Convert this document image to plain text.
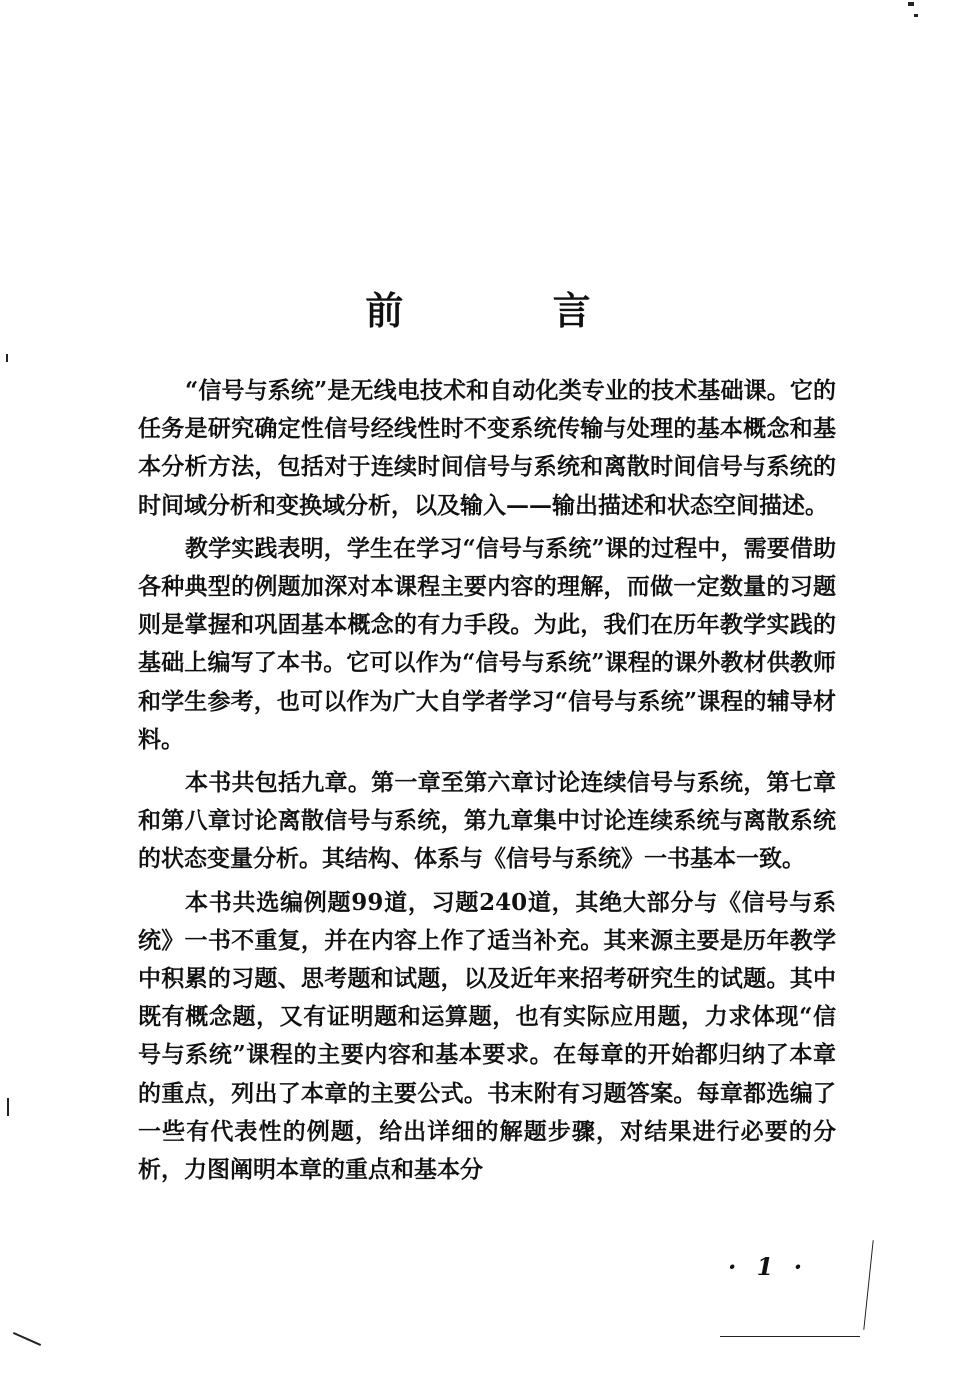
前 言

“信号与系统”是无线电技术和自动化类专业的技术基础课。它的任务是研究确定性信号经线性时不变系统传输与处理的基本概念和基本分析方法，包括对于连续时间信号与系统和离散时间信号与系统的时间域分析和变换域分析，以及输入——输出描述和状态空间描述。

教学实践表明，学生在学习“信号与系统”课的过程中，需要借助各种典型的例题加深对本课程主要内容的理解，而做一定数量的习题则是掌握和巩固基本概念的有力手段。为此，我们在历年教学实践的基础上编写了本书。它可以作为“信号与系统”课程的课外教材供教师和学生参考，也可以作为广大自学者学习“信号与系统”课程的辅导材料。

本书共包括九章。第一章至第六章讨论连续信号与系统，第七章和第八章讨论离散信号与系统，第九章集中讨论连续系统与离散系统的状态变量分析。其结构、体系与《信号与系统》一书基本一致。

本书共选编例题99道，习题240道，其绝大部分与《信号与系统》一书不重复，并在内容上作了适当补充。其来源主要是历年教学中积累的习题、思考题和试题，以及近年来招考研究生的试题。其中既有概念题，又有证明题和运算题，也有实际应用题，力求体现“信号与系统”课程的主要内容和基本要求。在每章的开始都归纳了本章的重点，列出了本章的主要公式。书末附有习题答案。每章都选编了一些有代表性的例题，给出详细的解题步骤，对结果进行必要的分析，力图阐明本章的重点和基本分

· 1 ·
